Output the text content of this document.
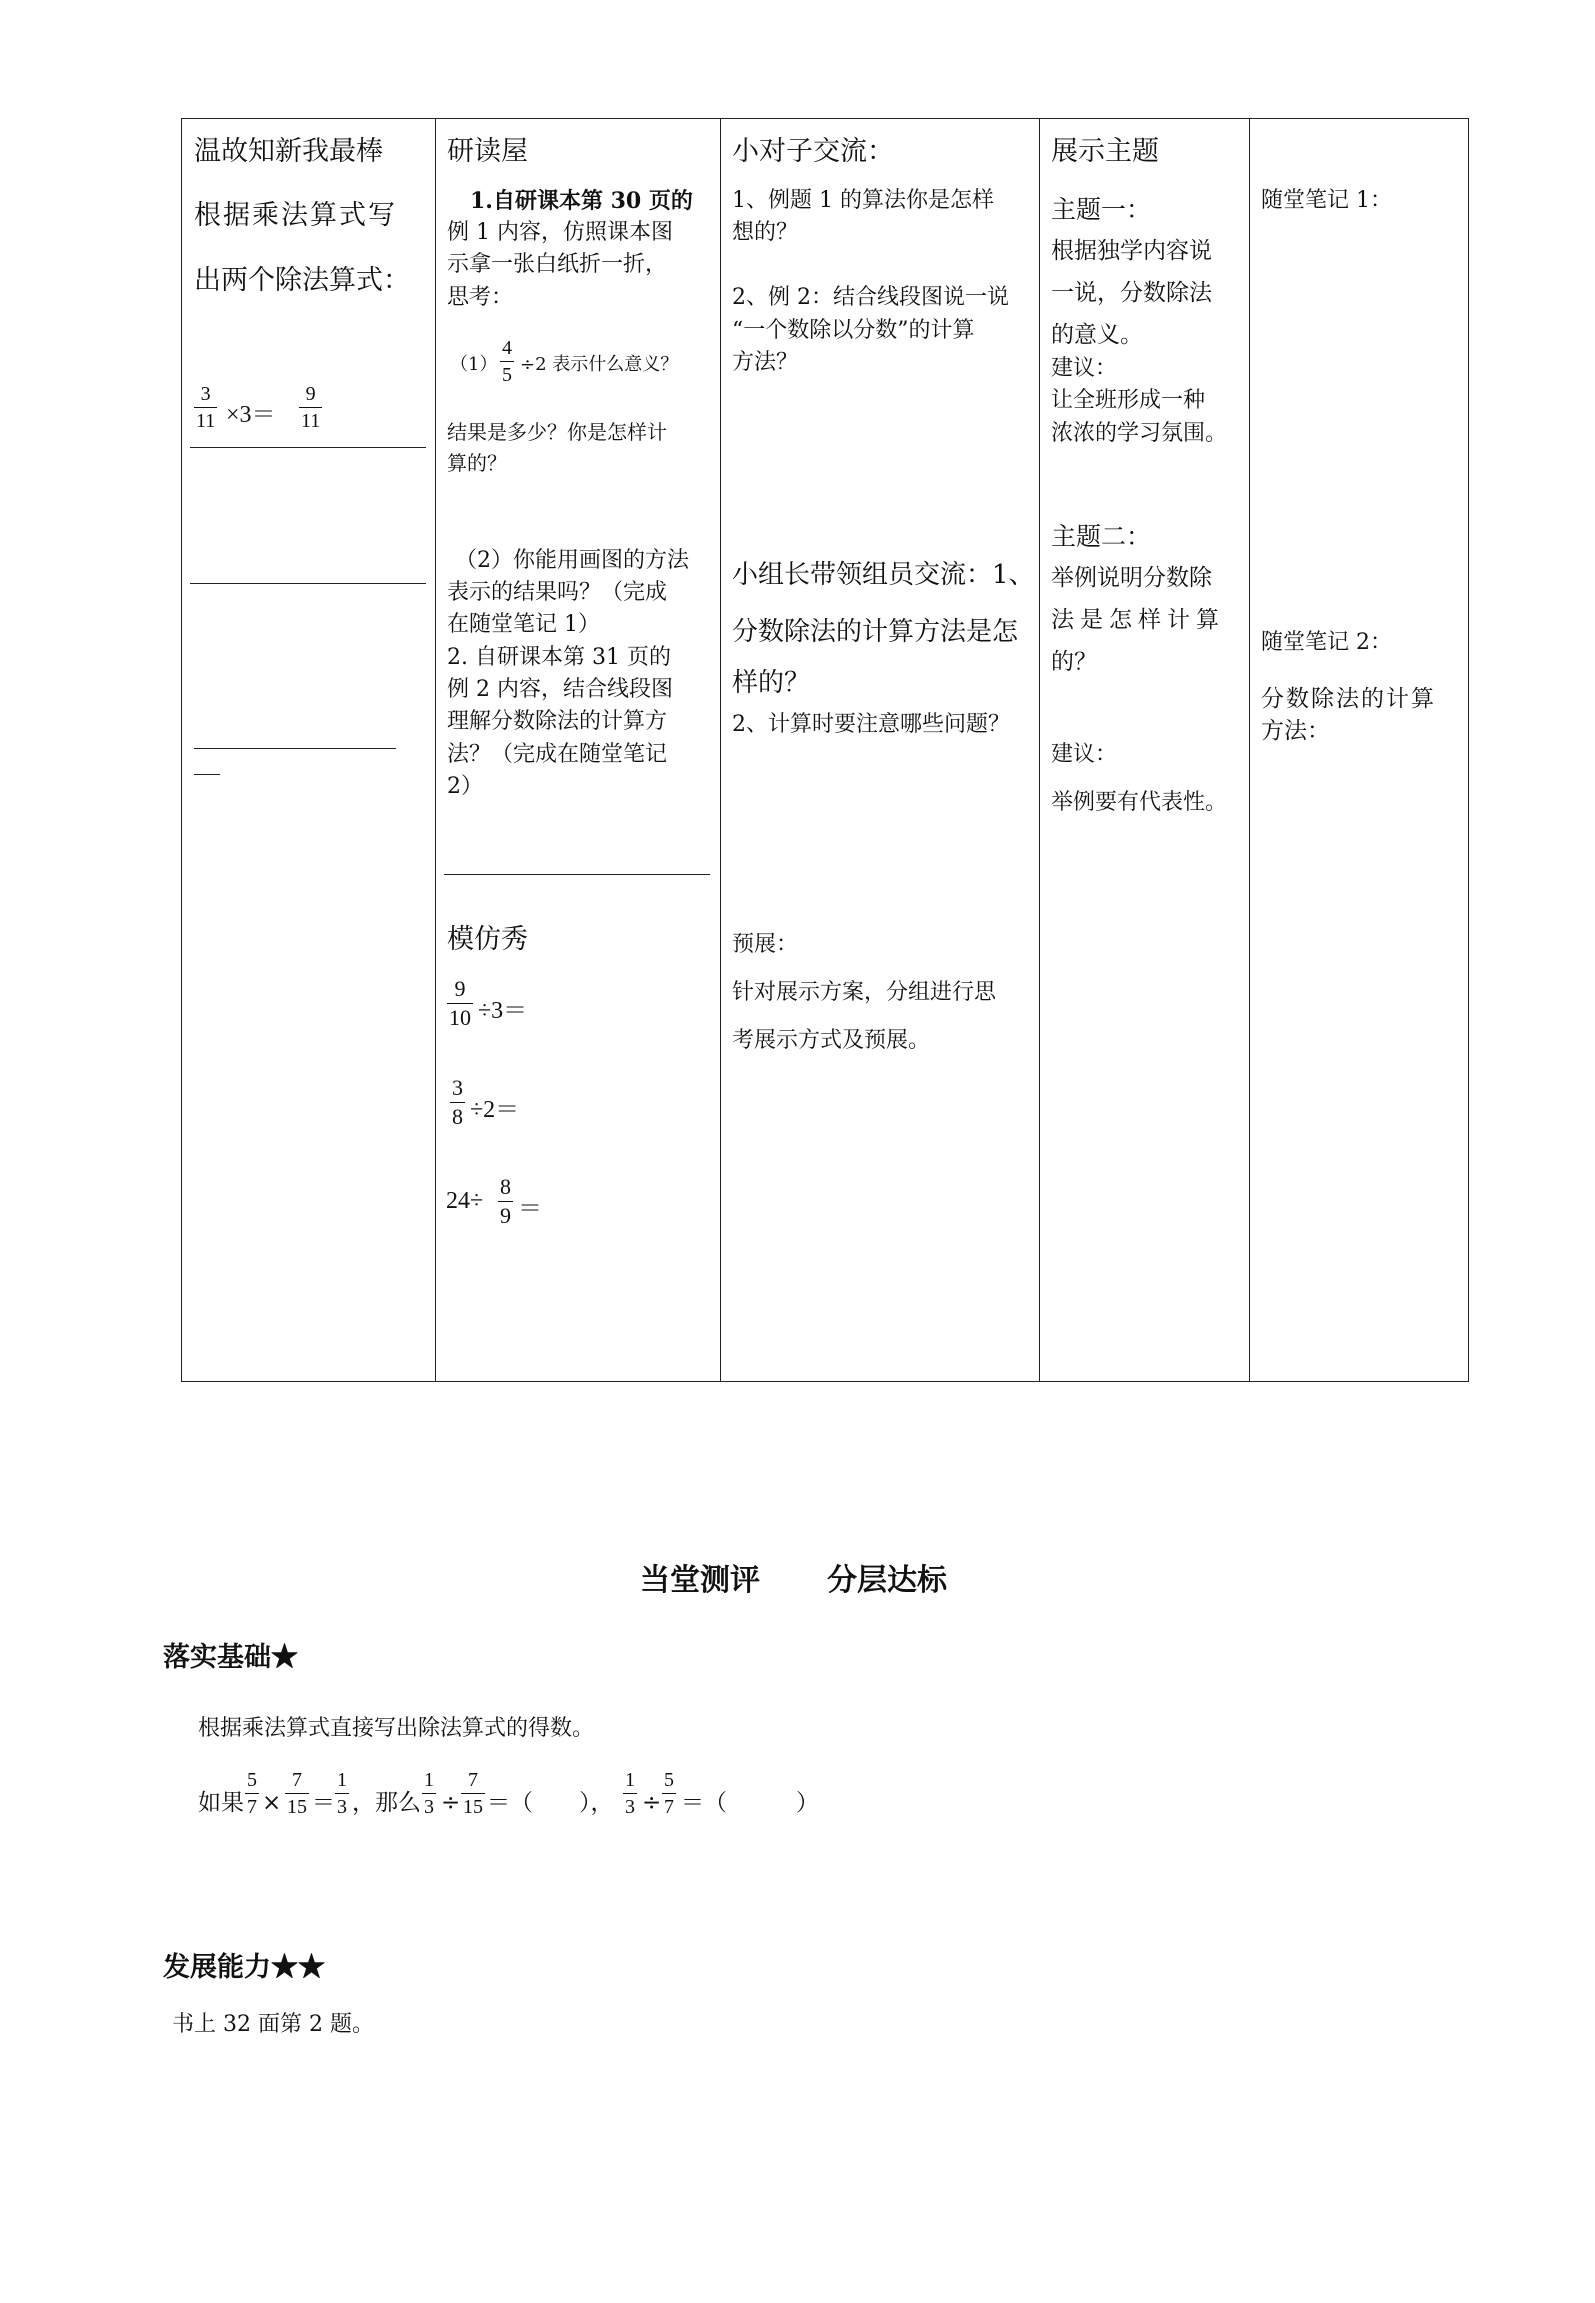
温故知新我最棒
根据乘法算式写
出两个除法算式：
3
11 ×3＝
9
11
研读屋
1.自研课本第 30 页的
例 1 内容，仿照课本图
示拿一张白纸折一折，
思考：
（1）
4
5 ÷2 表示什么意义？
结果是多少？你是怎样计
算的？
（2）你能用画图的方法
表示的结果吗？（完成
在随堂笔记 1）
2. 自研课本第 31 页的
例 2 内容，结合线段图
理解分数除法的计算方
法？（完成在随堂笔记
2）
模仿秀
9
10 ÷3＝
3
8 ÷2＝
24÷
8
9 ＝
小对子交流：
1、例题 1 的算法你是怎样
想的？
2、例 2：结合线段图说一说
“一个数除以分数”的计算
方法？
小组长带领组员交流：1、
分数除法的计算方法是怎
样的？
2、计算时要注意哪些问题？
预展：
针对展示方案，分组进行思
考展示方式及预展。
展示主题
主题一：
根据独学内容说
一说，分数除法
的意义。
建议：
让全班形成一种
浓浓的学习氛围。
主题二：
举例说明分数除
法是怎样计算
的？
建议：
举例要有代表性。
随堂笔记 1：
随堂笔记 2：
分数除法的计算
方法：
当堂测评 分层达标
落实基础★
根据乘法算式直接写出除法算式的得数。
如果
5
7 ×
7
15 ＝
1
3 ，那么
1
3 ÷
7
15 ＝（　　），
1
3 ÷
5
7 ＝（　　　）
发展能力★★
书上 32 面第 2 题。
